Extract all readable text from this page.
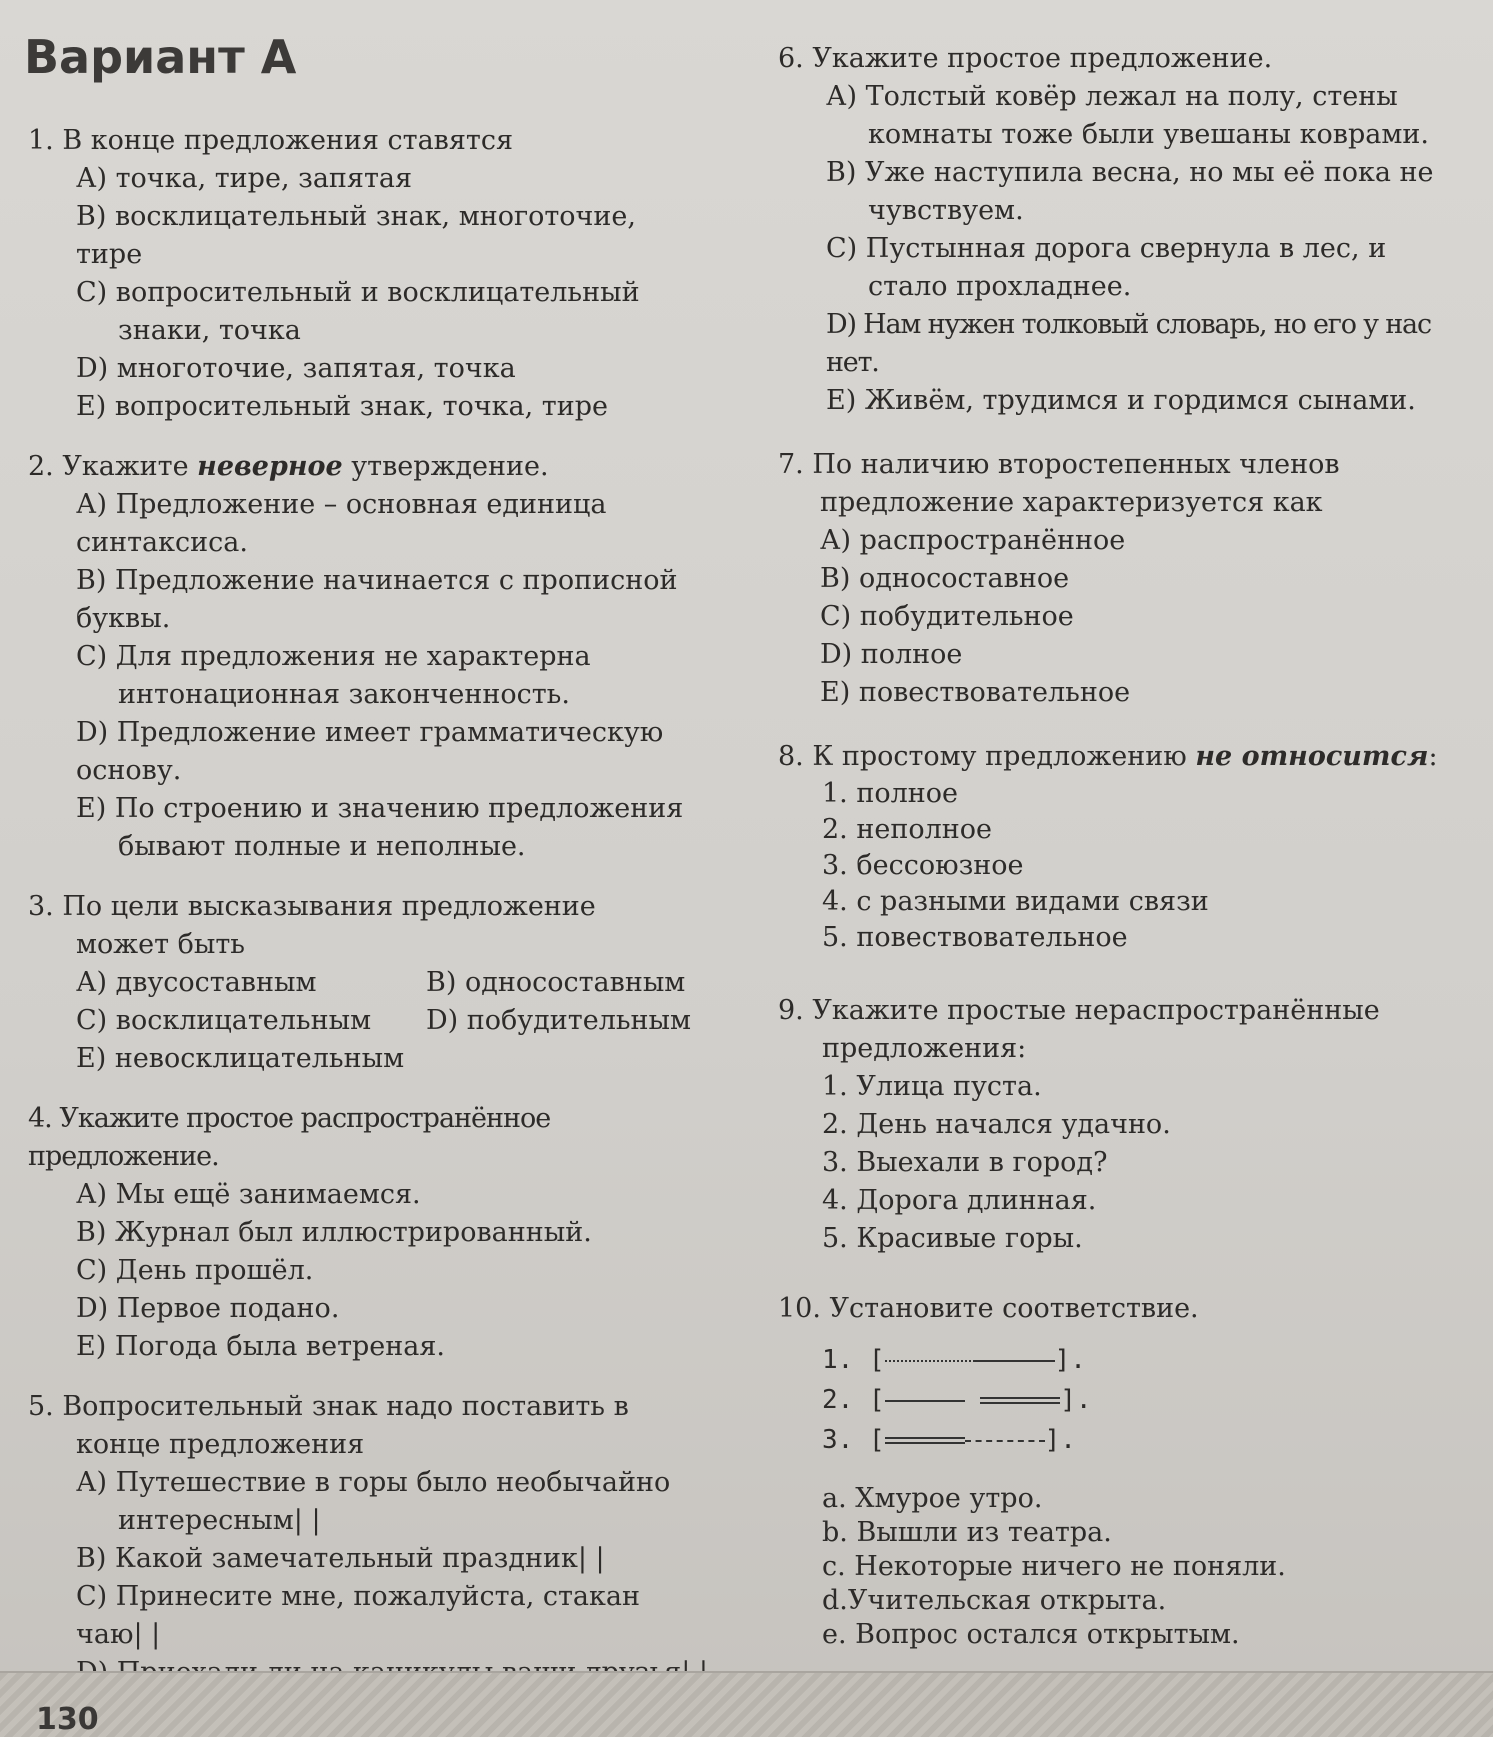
Вариант А
1. В конце предложения ставятся
А) точка, тире, запятая
В) восклицательный знак, многоточие, тире
С) вопросительный и восклицательный
знаки, точка
D) многоточие, запятая, точка
Е) вопросительный знак, точка, тире
2. Укажите неверное утверждение.
А) Предложение – основная единица синтаксиса.
В) Предложение начинается с прописной буквы.
С) Для предложения не характерна
интонационная законченность.
D) Предложение имеет грамматическую основу.
Е) По строению и значению предложения
бывают полные и неполные.
3. По цели высказывания предложение
может быть
А) двусоставным	В) односоставным
С) восклицательным	D) побудительным
Е) невосклицательным
4. Укажите простое распространённое предложение.
А) Мы ещё занимаемся.
В) Журнал был иллюстрированный.
С) День прошёл.
D) Первое подано.
Е) Погода была ветреная.
5. Вопросительный знак надо поставить в
конце предложения
А) Путешествие в горы было необычайно
интересным| |
В) Какой замечательный праздник| |
С) Принесите мне, пожалуйста, стакан чаю| |
6. Укажите простое предложение.
А) Толстый ковёр лежал на полу, стены
комнаты тоже были увешаны коврами.
В) Уже наступила весна, но мы её пока не
чувствуем.
С) Пустынная дорога свернула в лес, и
стало прохладнее.
D) Нам нужен толковый словарь, но его у нас нет.
Е) Живём, трудимся и гордимся сынами.
7. По наличию второстепенных членов
предложение характеризуется как
А) распространённое
В) односоставное
С) побудительное
D) полное
Е) повествовательное
8. К простому предложению не относится:
1. полное
2. неполное
3. бессоюзное
4. с разными видами связи
5. повествовательное
9. Укажите простые нераспространённые
предложения:
1. Улица пуста.
2. День начался удачно.
3. Выехали в город?
4. Дорога длинная.
5. Красивые горы.
10. Установите соответствие.
1. [	].
2. [	].
3. [	].
а. Хмурое утро.
b. Вышли из театра.
с. Некоторые ничего не поняли.
d.Учительская открыта.
е. Вопрос остался открытым.
130
